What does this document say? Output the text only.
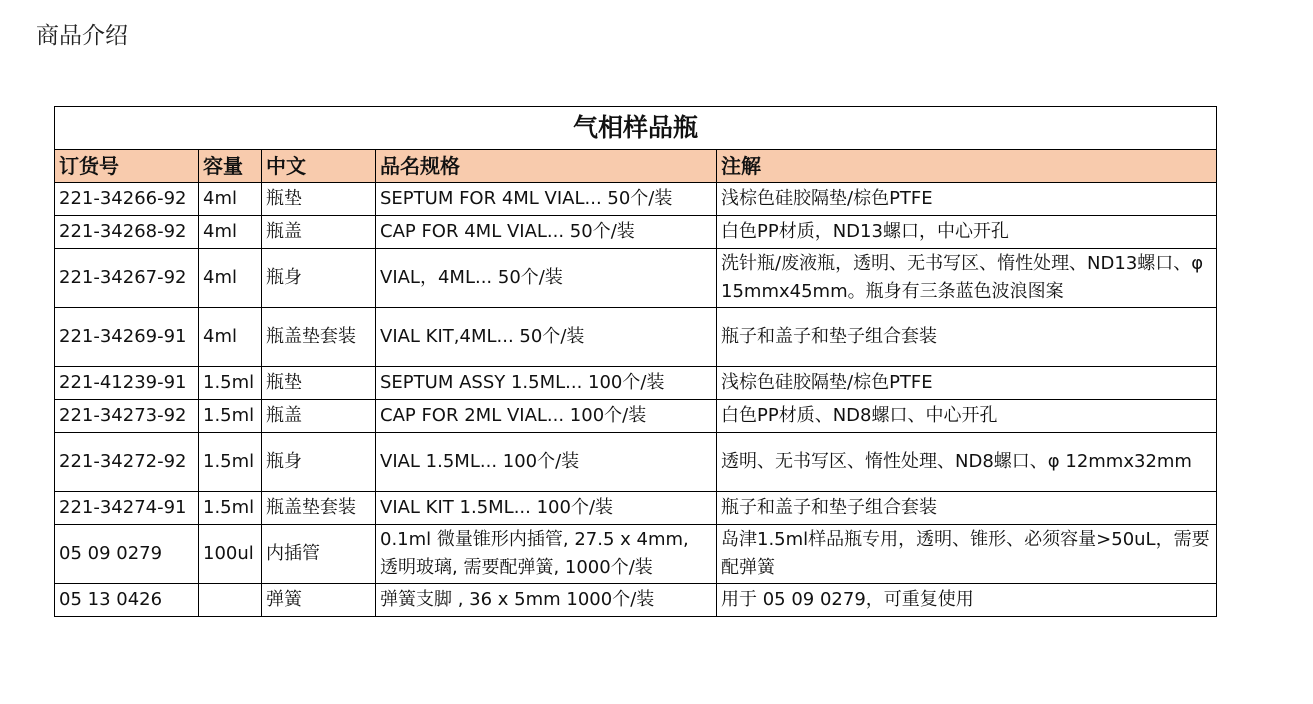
商品介绍
气相样品瓶				
订货号	容量	中文	品名规格	注解
221-34266-92	4ml	瓶垫	SEPTUM FOR 4ML VIAL... 50个/装	浅棕色硅胶隔垫/棕色PTFE
221-34268-92	4ml	瓶盖	CAP FOR 4ML VIAL... 50个/装	白色PP材质，ND13螺口，中心开孔
221-34267-92	4ml	瓶身	VIAL，4ML... 50个/装	洗针瓶/废液瓶，透明、无书写区、惰性处理、ND13螺口、φ15mmx45mm。瓶身有三条蓝色波浪图案
221-34269-91	4ml	瓶盖垫套装	VIAL KIT,4ML... 50个/装	瓶子和盖子和垫子组合套装
221-41239-91	1.5ml	瓶垫	SEPTUM ASSY 1.5ML... 100个/装	浅棕色硅胶隔垫/棕色PTFE
221-34273-92	1.5ml	瓶盖	CAP FOR 2ML VIAL... 100个/装	白色PP材质、ND8螺口、中心开孔
221-34272-92	1.5ml	瓶身	VIAL 1.5ML... 100个/装	透明、无书写区、惰性处理、ND8螺口、φ 12mmx32mm
221-34274-91	1.5ml	瓶盖垫套装	VIAL KIT 1.5ML... 100个/装	瓶子和盖子和垫子组合套装
05 09 0279	100ul	内插管	0.1ml 微量锥形内插管, 27.5 x 4mm, 透明玻璃, 需要配弹簧, 1000个/装	岛津1.5ml样品瓶专用，透明、锥形、必须容量>50uL，需要配弹簧
05 13 0426		弹簧	弹簧支脚 , 36 x 5mm 1000个/装	用于 05 09 0279，可重复使用
